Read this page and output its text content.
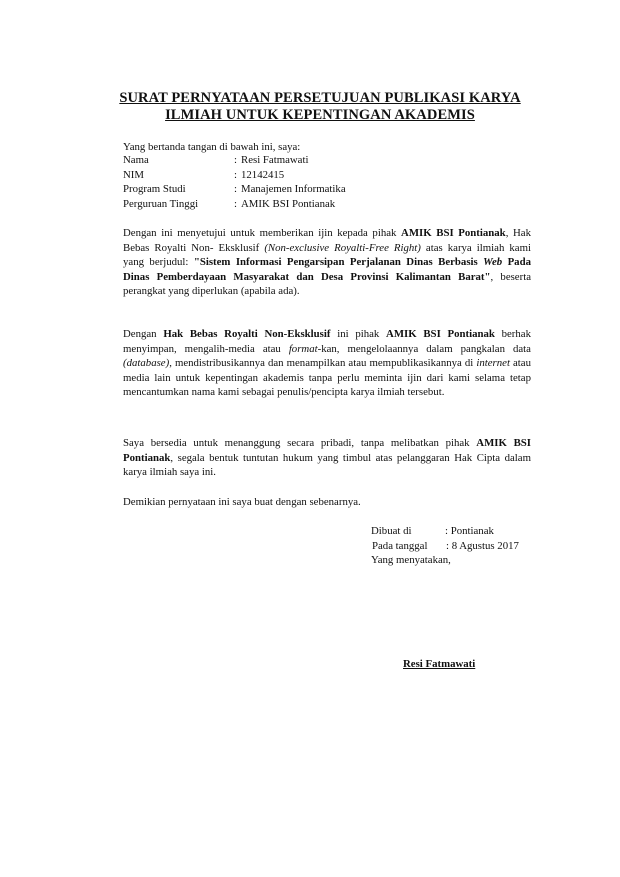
SURAT PERNYATAAN PERSETUJUAN PUBLIKASI KARYA
ILMIAH UNTUK KEPENTINGAN AKADEMIS
Yang bertanda tangan di bawah ini, saya:
Nama	: Resi Fatmawati
NIM	: 12142415
Program Studi	: Manajemen Informatika
Perguruan Tinggi	: AMIK BSI Pontianak
Dengan ini menyetujui untuk memberikan ijin kepada pihak AMIK BSI Pontianak, Hak Bebas Royalti Non- Eksklusif (Non-exclusive Royalti-Free Right) atas karya ilmiah kami yang berjudul: "Sistem Informasi Pengarsipan Perjalanan Dinas Berbasis Web Pada Dinas Pemberdayaan Masyarakat dan Desa Provinsi Kalimantan Barat", beserta perangkat yang diperlukan (apabila ada).
Dengan Hak Bebas Royalti Non-Eksklusif ini pihak AMIK BSI Pontianak berhak menyimpan, mengalih-media atau format-kan, mengelolaannya dalam pangkalan data (database), mendistribusikannya dan menampilkan atau mempublikasikannya di internet atau media lain untuk kepentingan akademis tanpa perlu meminta ijin dari kami selama tetap mencantumkan nama kami sebagai penulis/pencipta karya ilmiah tersebut.
Saya bersedia untuk menanggung secara pribadi, tanpa melibatkan pihak AMIK BSI Pontianak, segala bentuk tuntutan hukum yang timbul atas pelanggaran Hak Cipta dalam karya ilmiah saya ini.
Demikian pernyataan ini saya buat dengan sebenarnya.
Dibuat di	: Pontianak
Pada tanggal : 8 Agustus 2017
Yang menyatakan,
Resi Fatmawati
